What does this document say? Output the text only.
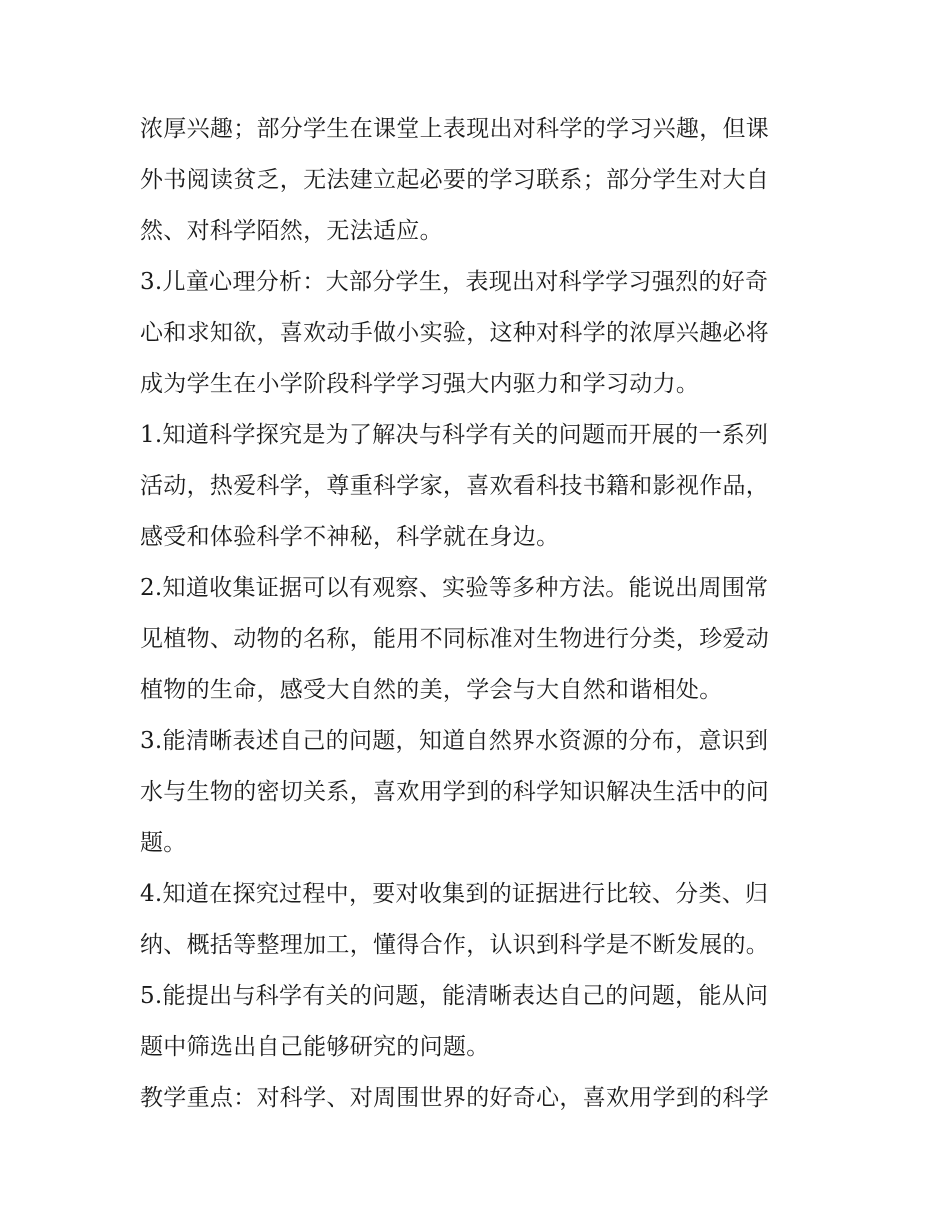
浓厚兴趣；部分学生在课堂上表现出对科学的学习兴趣，但课
外书阅读贫乏，无法建立起必要的学习联系；部分学生对大自
然、对科学陌然，无法适应。
3.儿童心理分析：大部分学生，表现出对科学学习强烈的好奇
心和求知欲，喜欢动手做小实验，这种对科学的浓厚兴趣必将
成为学生在小学阶段科学学习强大内驱力和学习动力。
1.知道科学探究是为了解决与科学有关的问题而开展的一系列
活动，热爱科学，尊重科学家，喜欢看科技书籍和影视作品，
感受和体验科学不神秘，科学就在身边。
2.知道收集证据可以有观察、实验等多种方法。能说出周围常
见植物、动物的名称，能用不同标准对生物进行分类，珍爱动
植物的生命，感受大自然的美，学会与大自然和谐相处。
3.能清晰表述自己的问题，知道自然界水资源的分布，意识到
水与生物的密切关系，喜欢用学到的科学知识解决生活中的问
题。
4.知道在探究过程中，要对收集到的证据进行比较、分类、归
纳、概括等整理加工，懂得合作，认识到科学是不断发展的。
5.能提出与科学有关的问题，能清晰表达自己的问题，能从问
题中筛选出自己能够研究的问题。
教学重点：对科学、对周围世界的好奇心，喜欢用学到的科学
